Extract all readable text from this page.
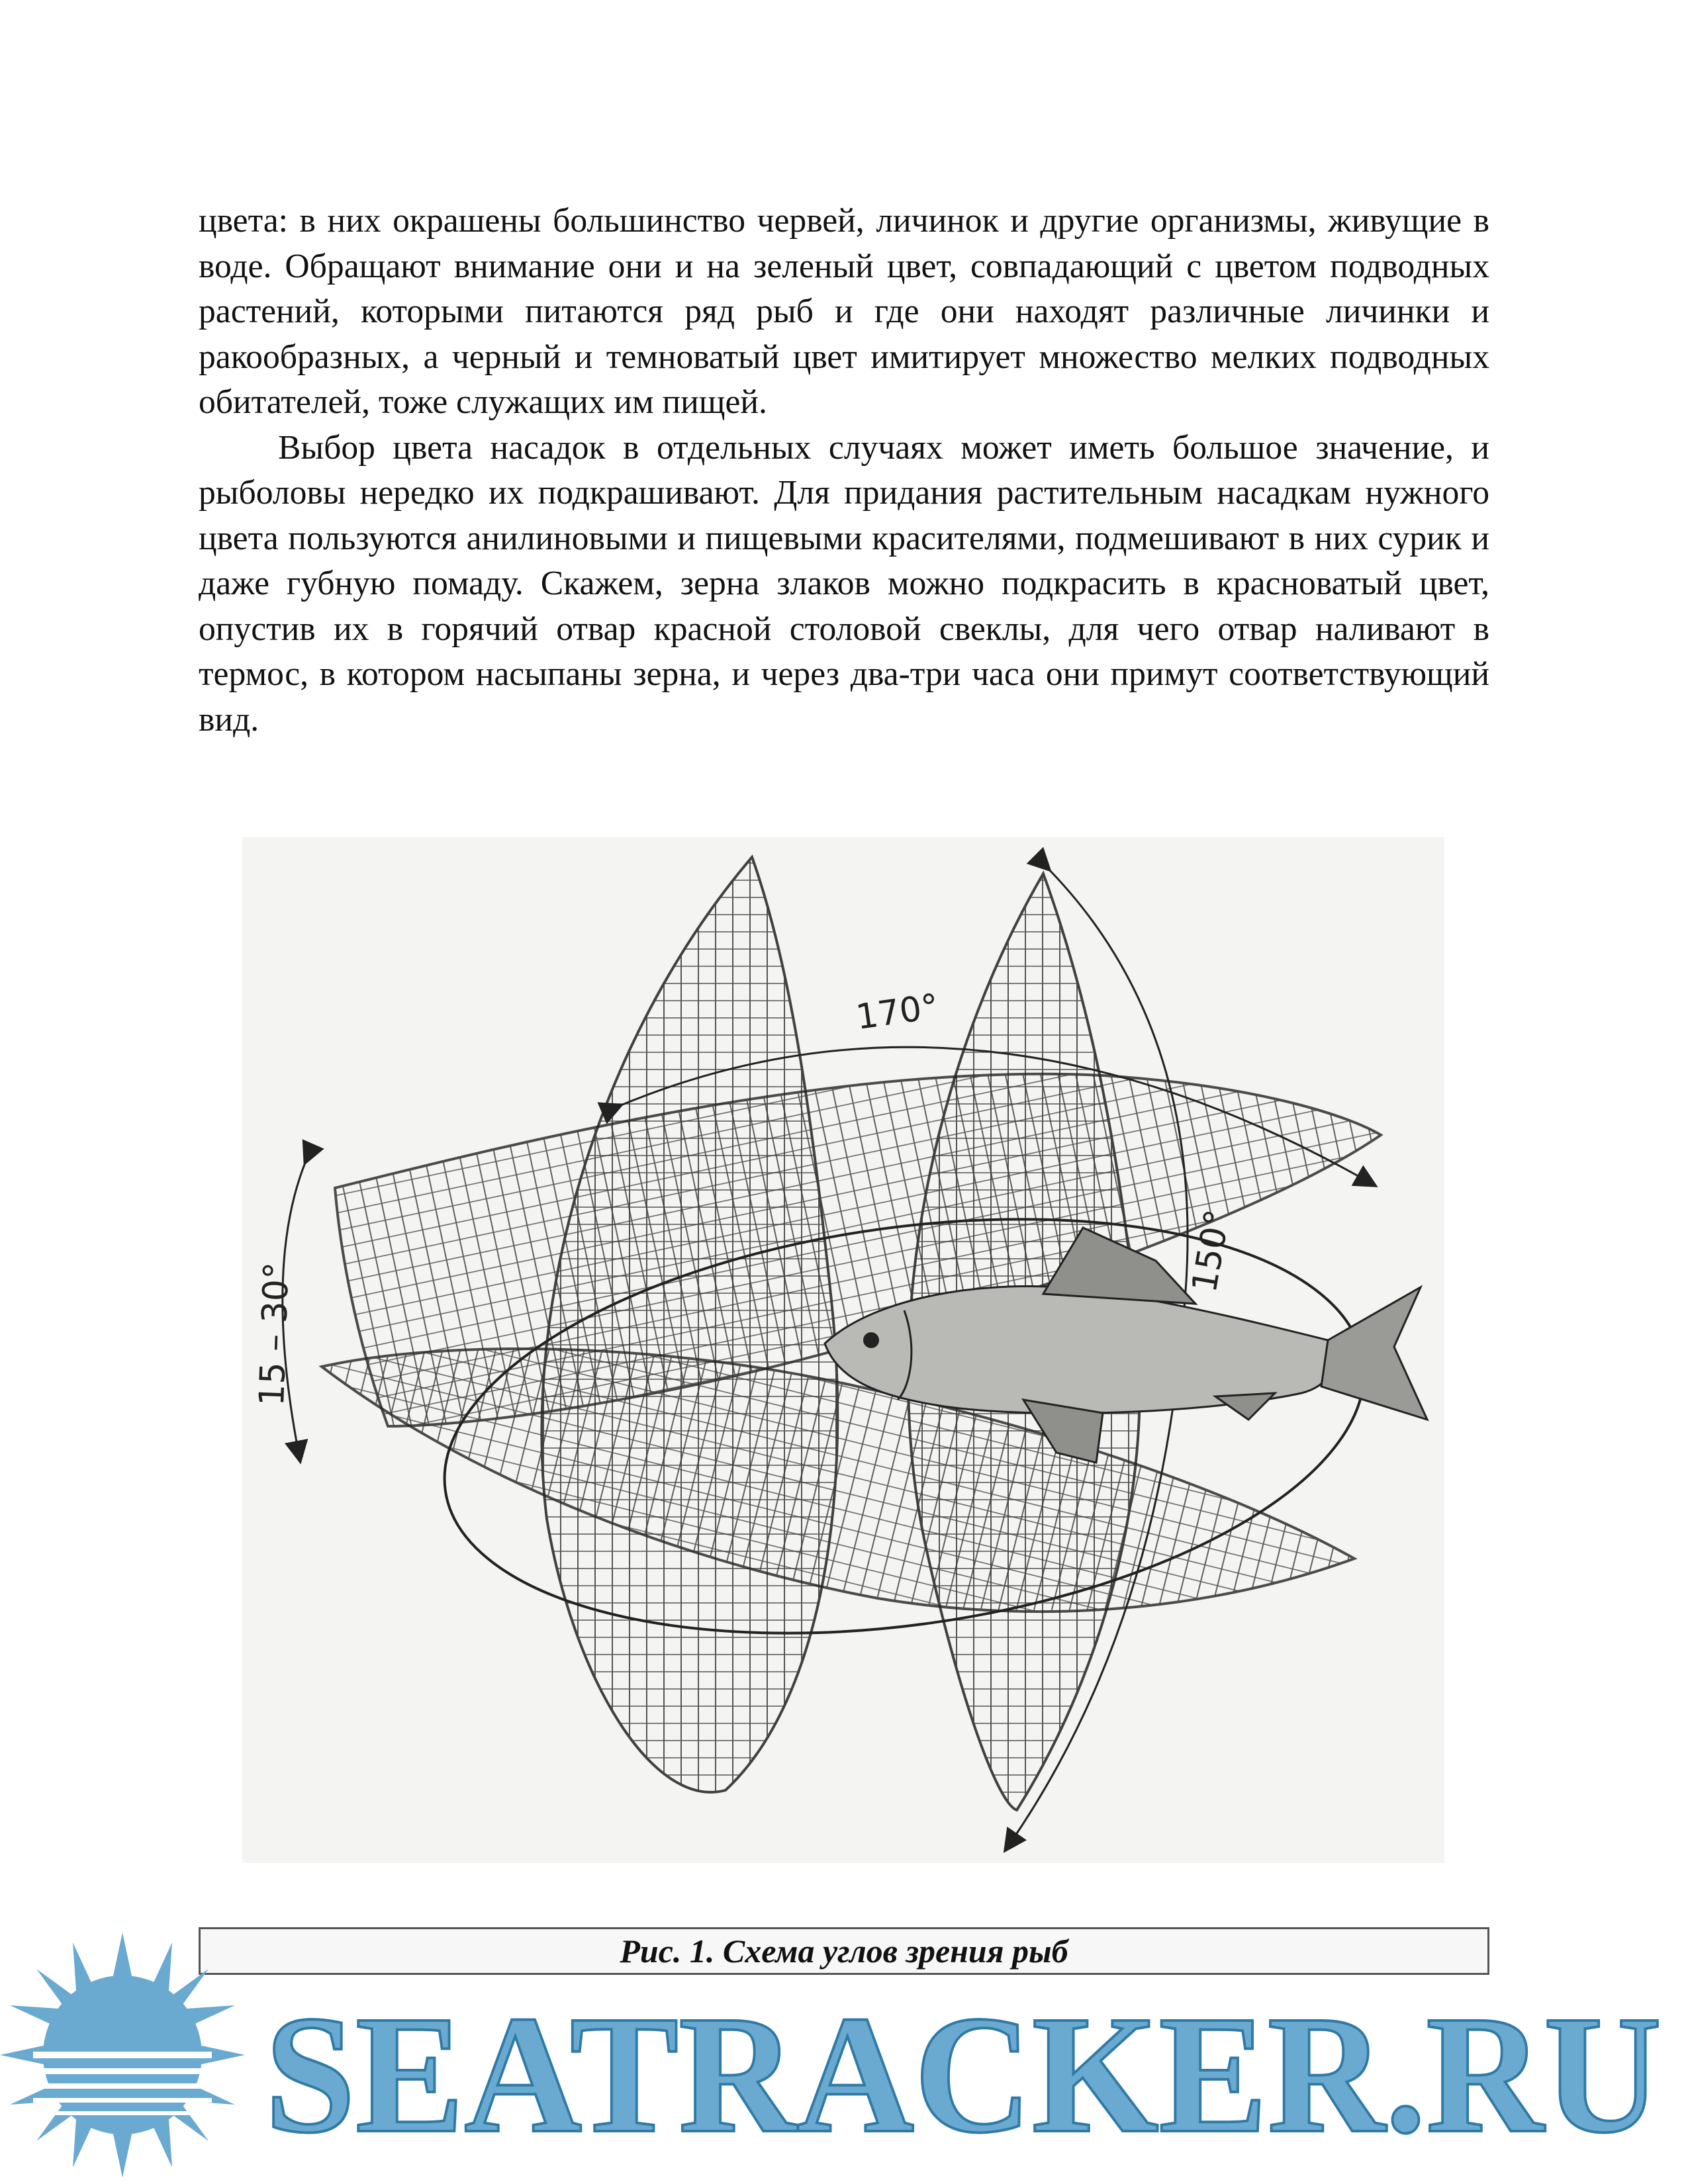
цвета: в них окрашены большинство червей, личинок и другие организмы, живущие в воде. Обращают внимание они и на зеленый цвет, совпадающий с цветом подводных растений, которыми питаются ряд рыб и где они находят различные личинки и ракообразных, а черный и темноватый цвет имитирует множество мелких подводных обитателей, тоже служащих им пищей.

Выбор цвета насадок в отдельных случаях может иметь большое значение, и рыболовы нередко их подкрашивают. Для придания растительным насадкам нужного цвета пользуются анилиновыми и пищевыми красителями, подмешивают в них сурик и даже губную помаду. Скажем, зерна злаков можно подкрасить в красноватый цвет, опустив их в горячий отвар красной столовой свеклы, для чего отвар наливают в термос, в котором насыпаны зерна, и через два-три часа они примут соответствующий вид.

170°
150°
15 – 30°
Рис. 1. Схема углов зрения рыб
SEATRACKER.RU
